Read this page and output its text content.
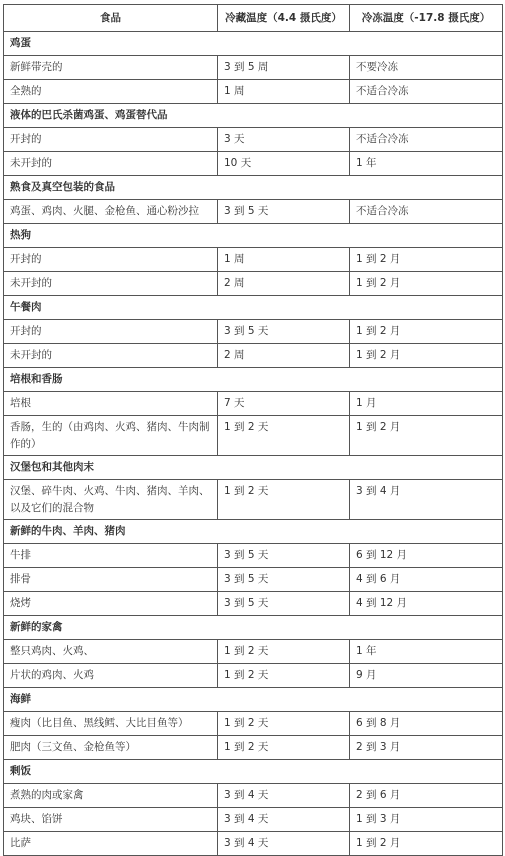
食品	冷藏温度（4.4 摄氏度）	冷冻温度（-17.8 摄氏度）
鸡蛋		
新鲜带壳的	3 到 5 周	不要冷冻
全熟的	1 周	不适合冷冻
液体的巴氏杀菌鸡蛋、鸡蛋替代品		
开封的	3 天	不适合冷冻
未开封的	10 天	1 年
熟食及真空包装的食品		
鸡蛋、鸡肉、火腿、金枪鱼、通心粉沙拉	3 到 5 天	不适合冷冻
热狗		
开封的	1 周	1 到 2 月
未开封的	2 周	1 到 2 月
午餐肉		
开封的	3 到 5 天	1 到 2 月
未开封的	2 周	1 到 2 月
培根和香肠		
培根	7 天	1 月
香肠，生的（由鸡肉、火鸡、猪肉、牛肉制作的）	1 到 2 天	1 到 2 月
汉堡包和其他肉末		
汉堡、碎牛肉、火鸡、牛肉、猪肉、羊肉、以及它们的混合物	1 到 2 天	3 到 4 月
新鲜的牛肉、羊肉、猪肉		
牛排	3 到 5 天	6 到 12 月
排骨	3 到 5 天	4 到 6 月
烧烤	3 到 5 天	4 到 12 月
新鲜的家禽		
整只鸡肉、火鸡、	1 到 2 天	1 年
片状的鸡肉、火鸡	1 到 2 天	9 月
海鲜		
瘦肉（比目鱼、黑线鳕、大比目鱼等）	1 到 2 天	6 到 8 月
肥肉（三文鱼、金枪鱼等）	1 到 2 天	2 到 3 月
剩饭		
煮熟的肉或家禽	3 到 4 天	2 到 6 月
鸡块、馅饼	3 到 4 天	1 到 3 月
比萨	3 到 4 天	1 到 2 月
